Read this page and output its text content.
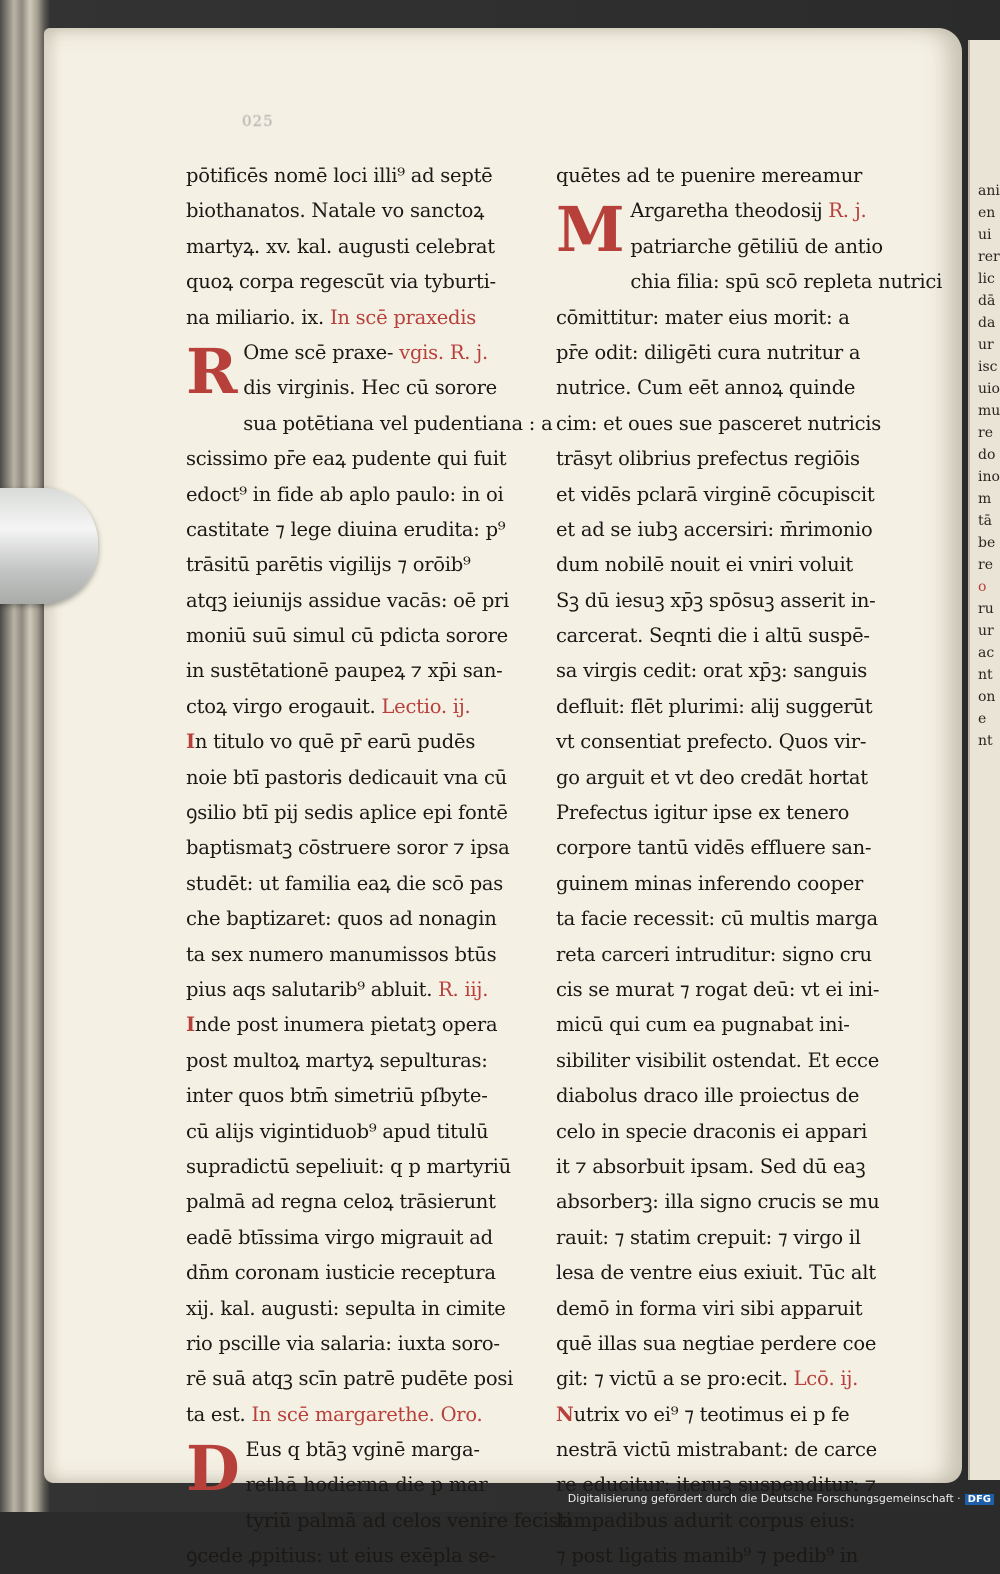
ani
en
ui
rer
lic
dā
da
ur
isc
uio
mu
re
do
ino
m
tā
be
re
o
ru
ur
ac
nt
on
e
nt
025
pōtificēs nomē loci illi⁹ ad septē
biothanatos. Natale vo sanctoꝝ
martyꝝ. xv. kal. augusti celebrat
quoꝝ corpa regescūt via tyburti-
na miliario. ix. In scē praxedis
R Ome scē praxe- vgis. R. j.
dis virginis. Hec cū sorore
sua potētiana vel pudentiana : a
scissimo pr̄e eaꝝ pudente qui fuit
edoct⁹ in fide ab aplo paulo: in oi
castitate ⁊ lege diuina erudita: p⁹
trāsitū parētis vigilijs ⁊ orōib⁹
atqꝫ ieiunijs assidue vacās: oē pri
moniū suū simul cū pdicta sorore
in sustētationē paupeꝝ ⁊ xp̄i san-
ctoꝝ virgo erogauit. Lectio. ij.
In titulo vo quē pr̄ earū pudēs
noie btī pastoris dedicauit vna cū
ꝯsilio btī pij sedis aplice epi fontē
baptismatꝫ cōstruere soror ⁊ ipsa
studēt: ut familia eaꝝ die scō pas
che baptizaret: quos ad nonagin
ta sex numero manumissos btūs
pius aqs salutarib⁹ abluit. R. iij.
Inde post inumera pietatꝫ opera
post multoꝝ martyꝝ sepulturas:
inter quos btm̄ simetriū pſbyte-
cū alijs vigintiduob⁹ apud titulū
supradictū sepeliuit: q p martyriū
palmā ad regna celoꝝ trāsierunt
eadē btīssima virgo migrauit ad
dn̄m coronam iusticie receptura
xij. kal. augusti: sepulta in cimite
rio pscille via salaria: iuxta soro-
rē suā atqꝫ scīn patrē pudēte posi
ta est. In scē margarethe. Oro.
D Eus q btāꝫ vginē marga-
rethā hodierna die p mar
tyriū palmā ad celos venire fecisti
ꝯcede ꝓpitius: ut eius exēpla se-
quētes ad te puenire mereamur
M Argaretha theodosij R. j.
patriarche gētiliū de antio
chia filia: spū scō repleta nutrici
cōmittitur: mater eius morit: a
pr̄e odit: diligēti cura nutritur a
nutrice. Cum eēt annoꝝ quinde
cim: et oues sue pasceret nutricis
trāsyt olibrius prefectus regiōis
et vidēs pclarā virginē cōcupiscit
et ad se iubꝫ accersiri: m̄rimonio
dum nobilē nouit ei vniri voluit
Sꝫ dū iesuꝫ xp̄ꝫ spōsuꝫ asserit in-
carcerat. Seqnti die i altū suspē-
sa virgis cedit: orat xp̄ꝫ: sanguis
defluit: flēt plurimi: alij suggerūt
vt consentiat prefecto. Quos vir-
go arguit et vt deo credāt hortat
Prefectus igitur ipse ex tenero
corpore tantū vidēs effluere san-
guinem minas inferendo cooper
ta facie recessit: cū multis marga
reta carceri intruditur: signo cru
cis se murat ⁊ rogat deū: vt ei ini-
micū qui cum ea pugnabat ini-
sibiliter visibilit ostendat. Et ecce
diabolus draco ille proiectus de
celo in specie draconis ei appari
it ⁊ absorbuit ipsam. Sed dū eaꝫ
absorberꝫ: illa signo crucis se mu
rauit: ⁊ statim crepuit: ⁊ virgo il
lesa de ventre eius exiuit. Tūc alt
demō in forma viri sibi apparuit
quē illas sua negtiae perdere coe
git: ⁊ victū a se pro:ecit. Lcō. ij.
Nutrix vo ei⁹ ⁊ teotimus ei p fe
nestrā victū mistrabant: de carce
re educitur: iteruꝫ suspenditur: ⁊
lampadibus adurit corpus eius:
⁊ post ligatis manib⁹ ⁊ pedib⁹ in
Digitalisierung gefördert durch die Deutsche Forschungsgemeinschaft · DFG
